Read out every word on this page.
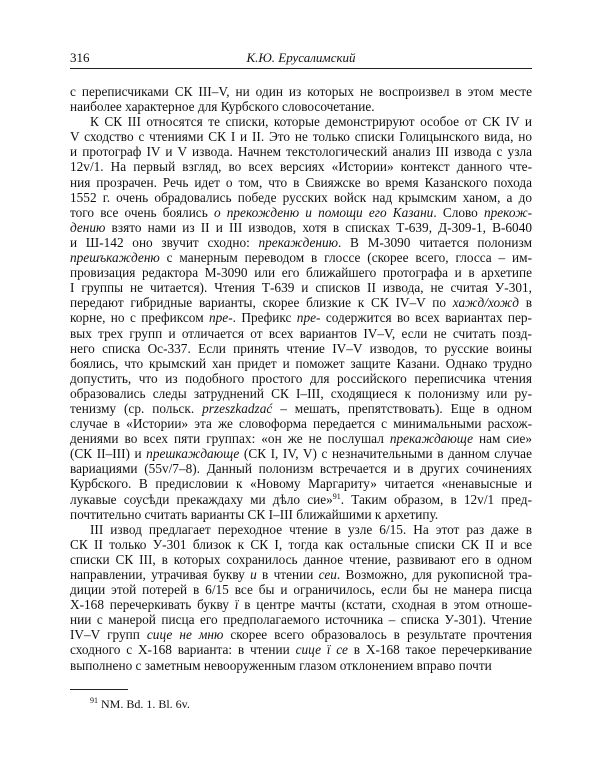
316	К.Ю. Ерусалимский
с переписчиками СК III–V, ни один из которых не воспроизвел в этом месте
наиболее характерное для Курбского словосочетание.
К СК III относятся те списки, которые демонстрируют особое от СК IV и
V сходство с чтениями СК I и II. Это не только списки Голицынского вида, но
и протограф IV и V извода. Начнем текстологический анализ III извода с узла
12v/1. На первый взгляд, во всех версиях «Истории» контекст данного чте-
ния прозрачен. Речь идет о том, что в Свияжске во время Казанского похода
1552 г. очень обрадовались победе русских войск над крымским ханом, а до
того все очень боялись о прекожденю и помощи его Казани. Слово прекож-
дению взято нами из II и III изводов, хотя в списках Т-639, Д-309-1, В-6040
и Ш-142 оно звучит сходно: прекаждению. В М-3090 читается полонизм
прешъкажденю с манерным переводом в глоссе (скорее всего, глосса – им-
провизация редактора М-3090 или его ближайшего протографа и в архетипе
I группы не читается). Чтения Т-639 и списков II извода, не считая У-301,
передают гибридные варианты, скорее близкие к СК IV–V по хажд/хожд в
корне, но с префиксом пре-. Префикс пре- содержится во всех вариантах пер-
вых трех групп и отличается от всех вариантов IV–V, если не считать позд-
него списка Ос-337. Если принять чтение IV–V изводов, то русские воины
боялись, что крымский хан придет и поможет защите Казани. Однако трудно
допустить, что из подобного простого для российского переписчика чтения
образовались следы затруднений СК I–III, сходящиеся к полонизму или ру-
тенизму (ср. польск. przeszkadzać – мешать, препятствовать). Еще в одном
случае в «Истории» эта же словоформа передается с минимальными расхож-
дениями во всех пяти группах: «он же не послушал прекаждающе нам сие»
(СК II–III) и прешкаждающе (СК I, IV, V) с незначительными в данном случае
вариациями (55v/7–8). Данный полонизм встречается и в других сочинениях
Курбского. В предисловии к «Новому Маргариту» читается «ненавысные и
лукавые соусѣди прекаждаху ми дѣло сие»$^{91}$. Таким образом, в 12v/1 пред-
почтительно считать варианты СК I–III ближайшими к архетипу.
III извод предлагает переходное чтение в узле 6/15. На этот раз даже в
СК II только У-301 близок к СК I, тогда как остальные списки СК II и все
списки СК III, в которых сохранилось данное чтение, развивают его в одном
направлении, утрачивая букву и в чтении сеи. Возможно, для рукописной тра-
диции этой потерей в 6/15 все бы и ограничилось, если бы не манера писца
Х-168 перечеркивать букву ї в центре мачты (кстати, сходная в этом отноше-
нии с манерой писца его предполагаемого источника – списка У-301). Чтение
IV–V групп сице не мню скорее всего образовалось в результате прочтения
сходного с Х-168 варианта: в чтении сице ї се в Х-168 такое перечеркивание
выполнено с заметным невооруженным глазом отклонением вправо почти
$^{91}$ NM. Bd. 1. Bl. 6v.
